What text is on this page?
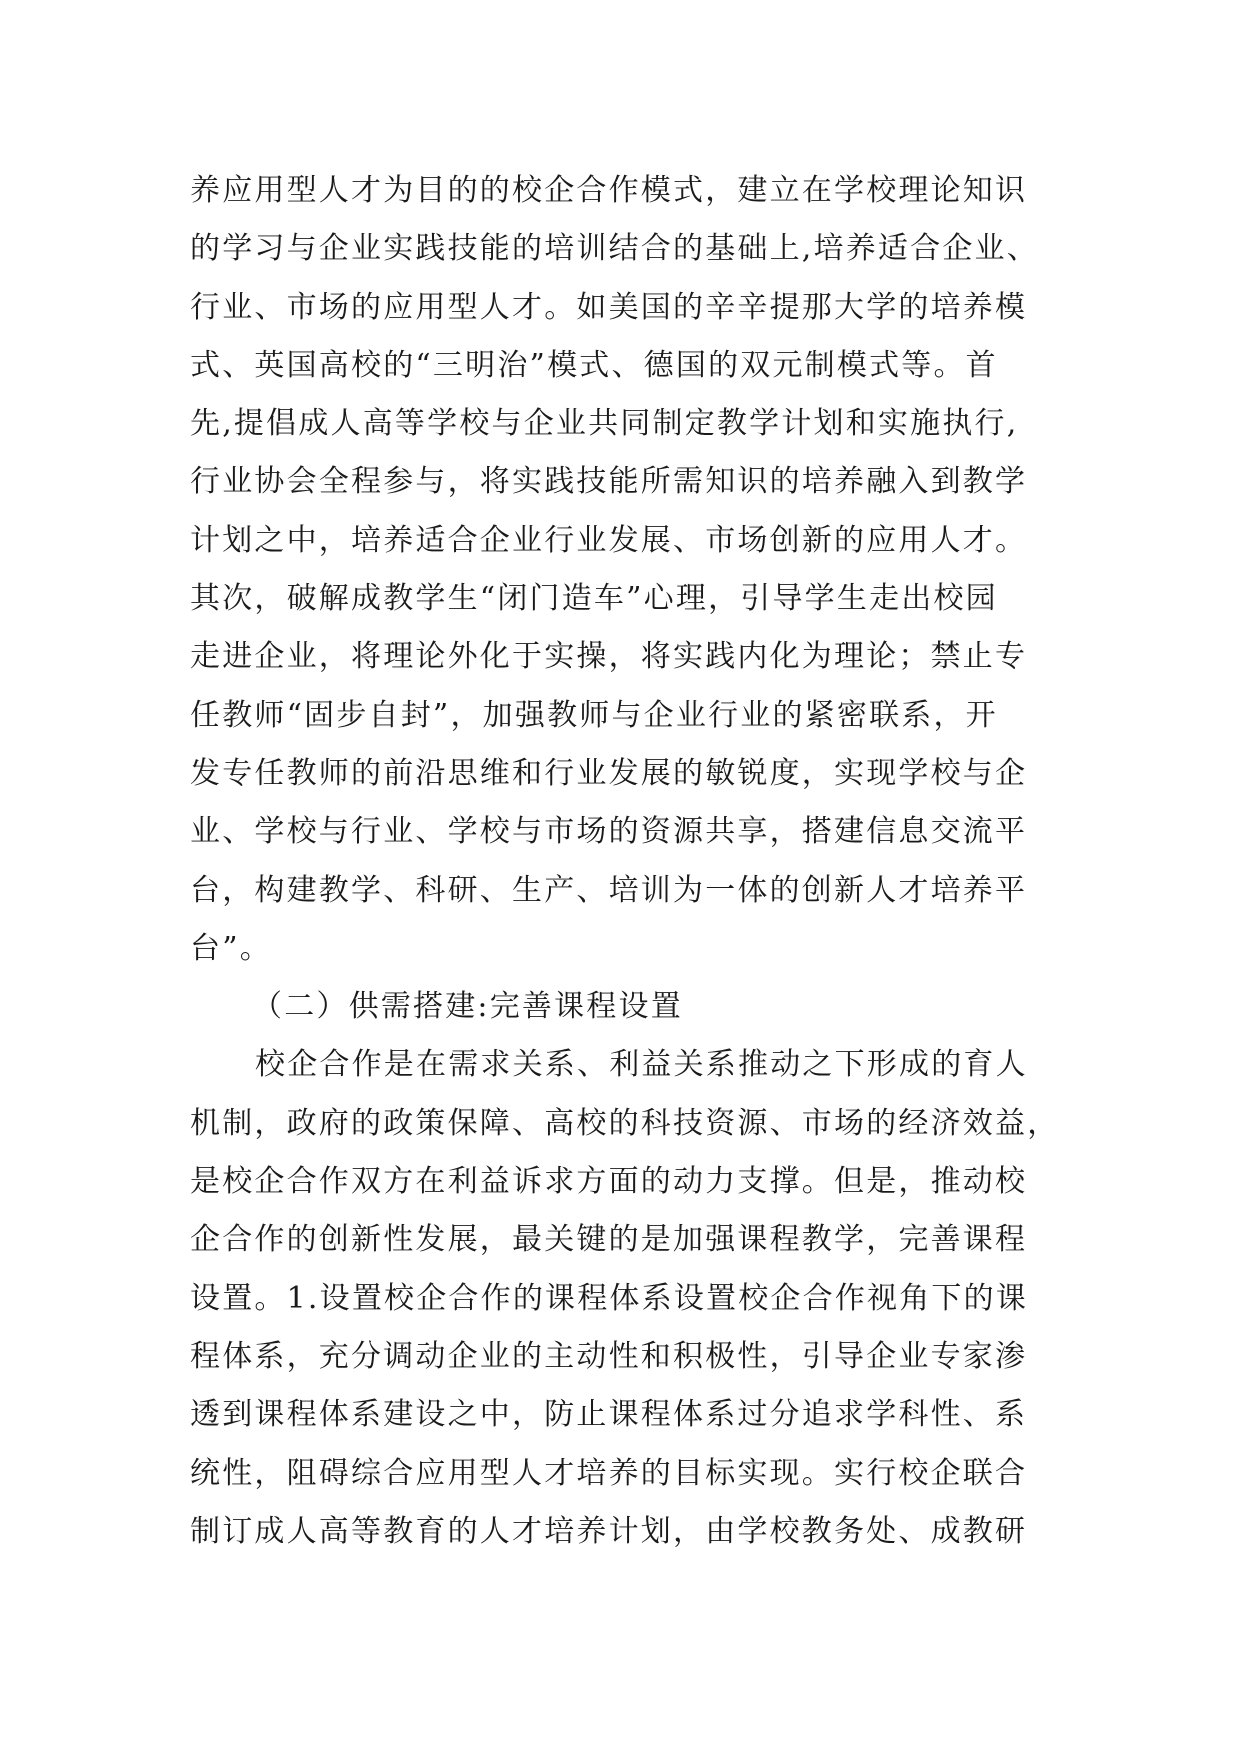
养应用型人才为目的的校企合作模式，建立在学校理论知识
的学习与企业实践技能的培训结合的基础上,培养适合企业、
行业、市场的应用型人才。如美国的辛辛提那大学的培养模
式、英国高校的“三明治”模式、德国的双元制模式等。首
先,提倡成人高等学校与企业共同制定教学计划和实施执行,
行业协会全程参与，将实践技能所需知识的培养融入到教学
计划之中，培养适合企业行业发展、市场创新的应用人才。
其次，破解成教学生“闭门造车”心理，引导学生走出校园
走进企业，将理论外化于实操，将实践内化为理论；禁止专
任教师“固步自封”，加强教师与企业行业的紧密联系，开
发专任教师的前沿思维和行业发展的敏锐度，实现学校与企
业、学校与行业、学校与市场的资源共享，搭建信息交流平
台，构建教学、科研、生产、培训为一体的创新人才培养平
台”。
（二）供需搭建:完善课程设置
校企合作是在需求关系、利益关系推动之下形成的育人
机制，政府的政策保障、高校的科技资源、市场的经济效益，
是校企合作双方在利益诉求方面的动力支撑。但是，推动校
企合作的创新性发展，最关键的是加强课程教学，完善课程
设置。1.设置校企合作的课程体系设置校企合作视角下的课
程体系，充分调动企业的主动性和积极性，引导企业专家渗
透到课程体系建设之中，防止课程体系过分追求学科性、系
统性，阻碍综合应用型人才培养的目标实现。实行校企联合
制订成人高等教育的人才培养计划，由学校教务处、成教研
